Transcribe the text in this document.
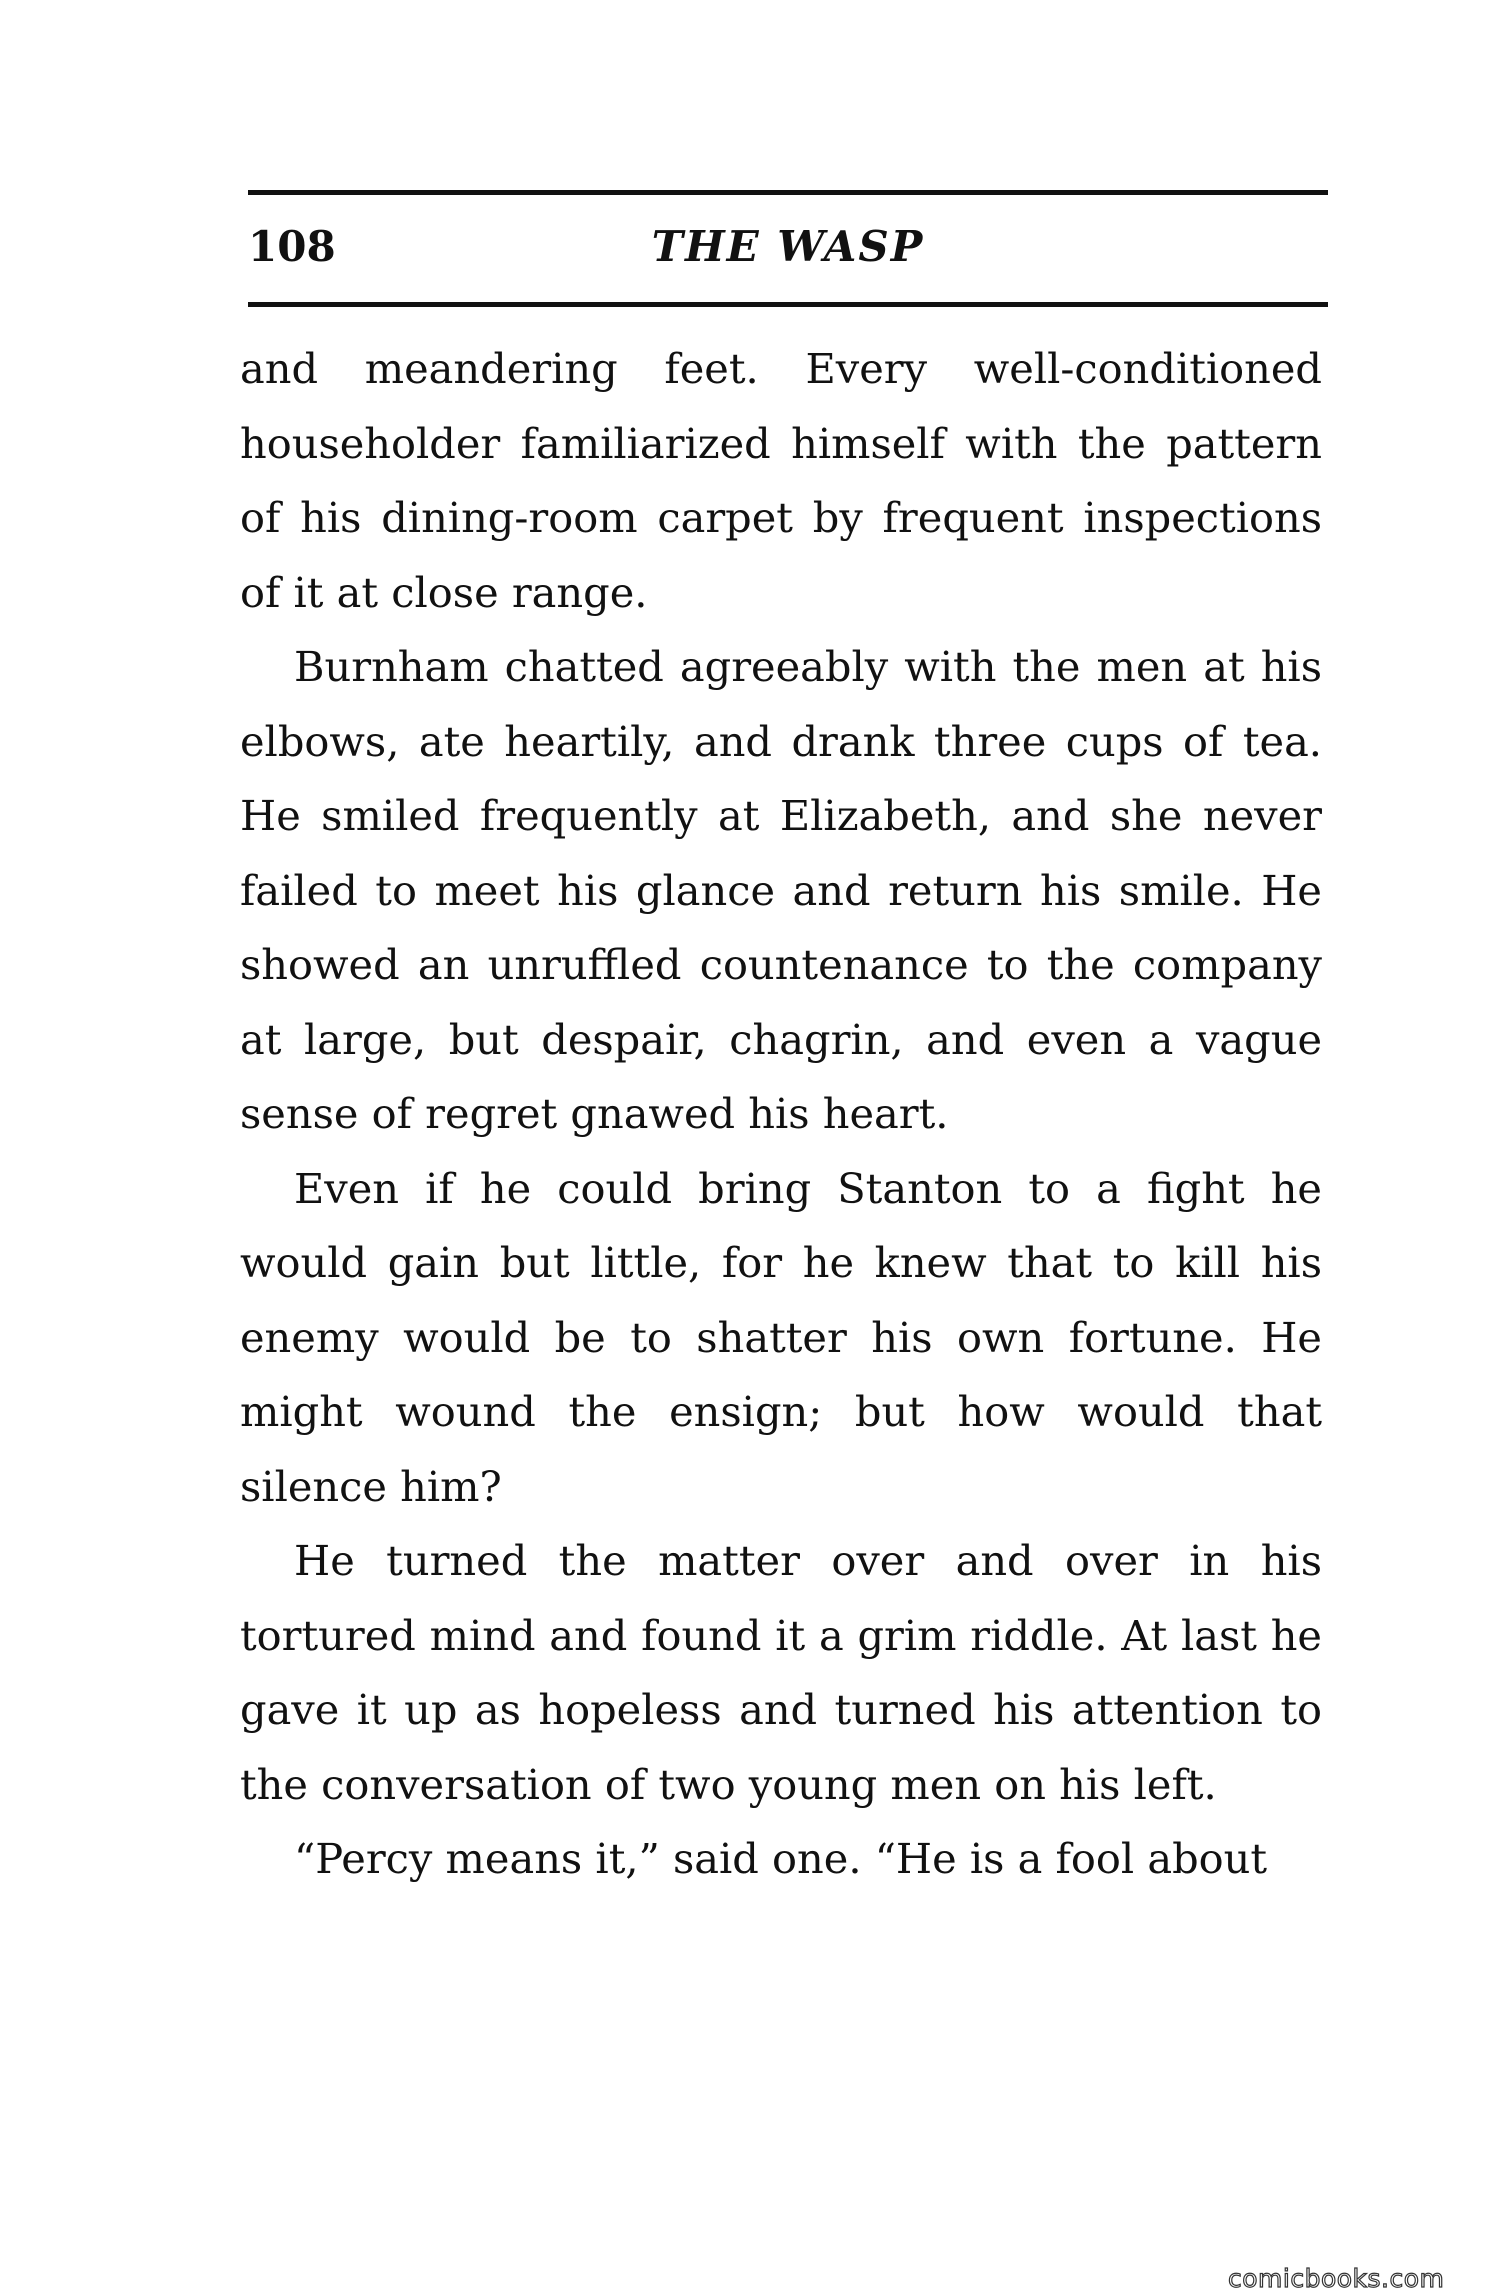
108	THE WASP

and meandering feet. Every well-conditioned householder familiarized himself with the pattern of his dining-room carpet by frequent inspections of it at close range.

Burnham chatted agreeably with the men at his elbows, ate heartily, and drank three cups of tea. He smiled frequently at Elizabeth, and she never failed to meet his glance and return his smile. He showed an unruffled countenance to the company at large, but despair, chagrin, and even a vague sense of regret gnawed his heart.

Even if he could bring Stanton to a fight he would gain but little, for he knew that to kill his enemy would be to shatter his own fortune. He might wound the ensign; but how would that silence him?

He turned the matter over and over in his tortured mind and found it a grim riddle. At last he gave it up as hopeless and turned his attention to the conversation of two young men on his left.

“Percy means it,” said one. “He is a fool about

comicbooks.com
